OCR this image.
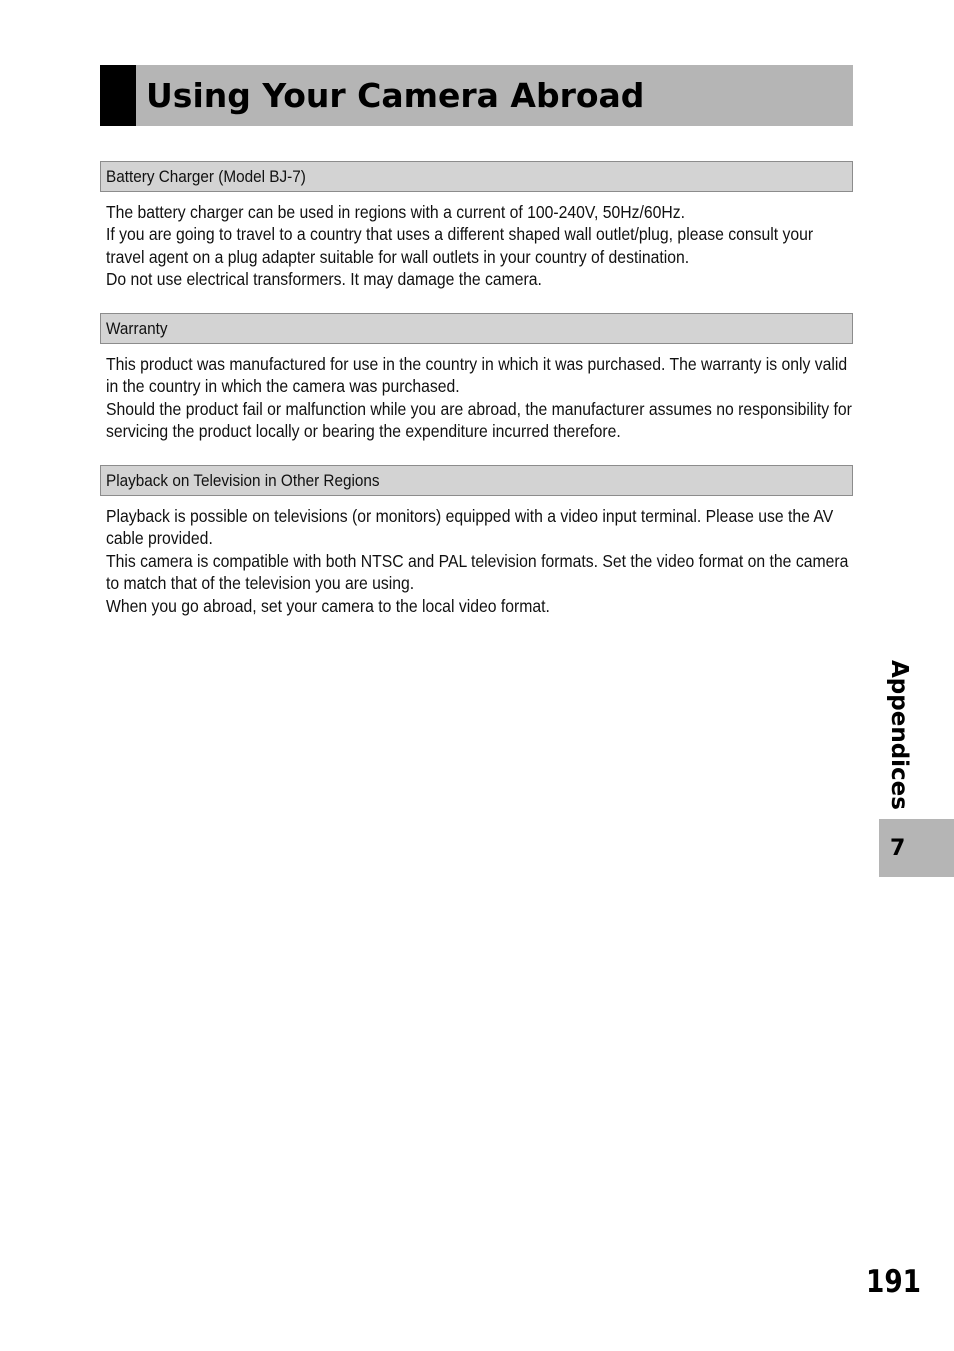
Using Your Camera Abroad
Battery Charger (Model BJ-7)

The battery charger can be used in regions with a current of 100-240V, 50Hz/60Hz.

If you are going to travel to a country that uses a different shaped wall outlet/plug, please consult your travel agent on a plug adapter suitable for wall outlets in your country of destination.

Do not use electrical transformers. It may damage the camera.

Warranty

This product was manufactured for use in the country in which it was purchased. The warranty is only valid in the country in which the camera was purchased.

Should the product fail or malfunction while you are abroad, the manufacturer assumes no responsibility for servicing the product locally or bearing the expenditure incurred therefore.

Playback on Television in Other Regions

Playback is possible on televisions (or monitors) equipped with a video input terminal. Please use the AV cable provided.

This camera is compatible with both NTSC and PAL television formats. Set the video format on the camera to match that of the television you are using.

When you go abroad, set your camera to the local video format.

Appendices
7
191
